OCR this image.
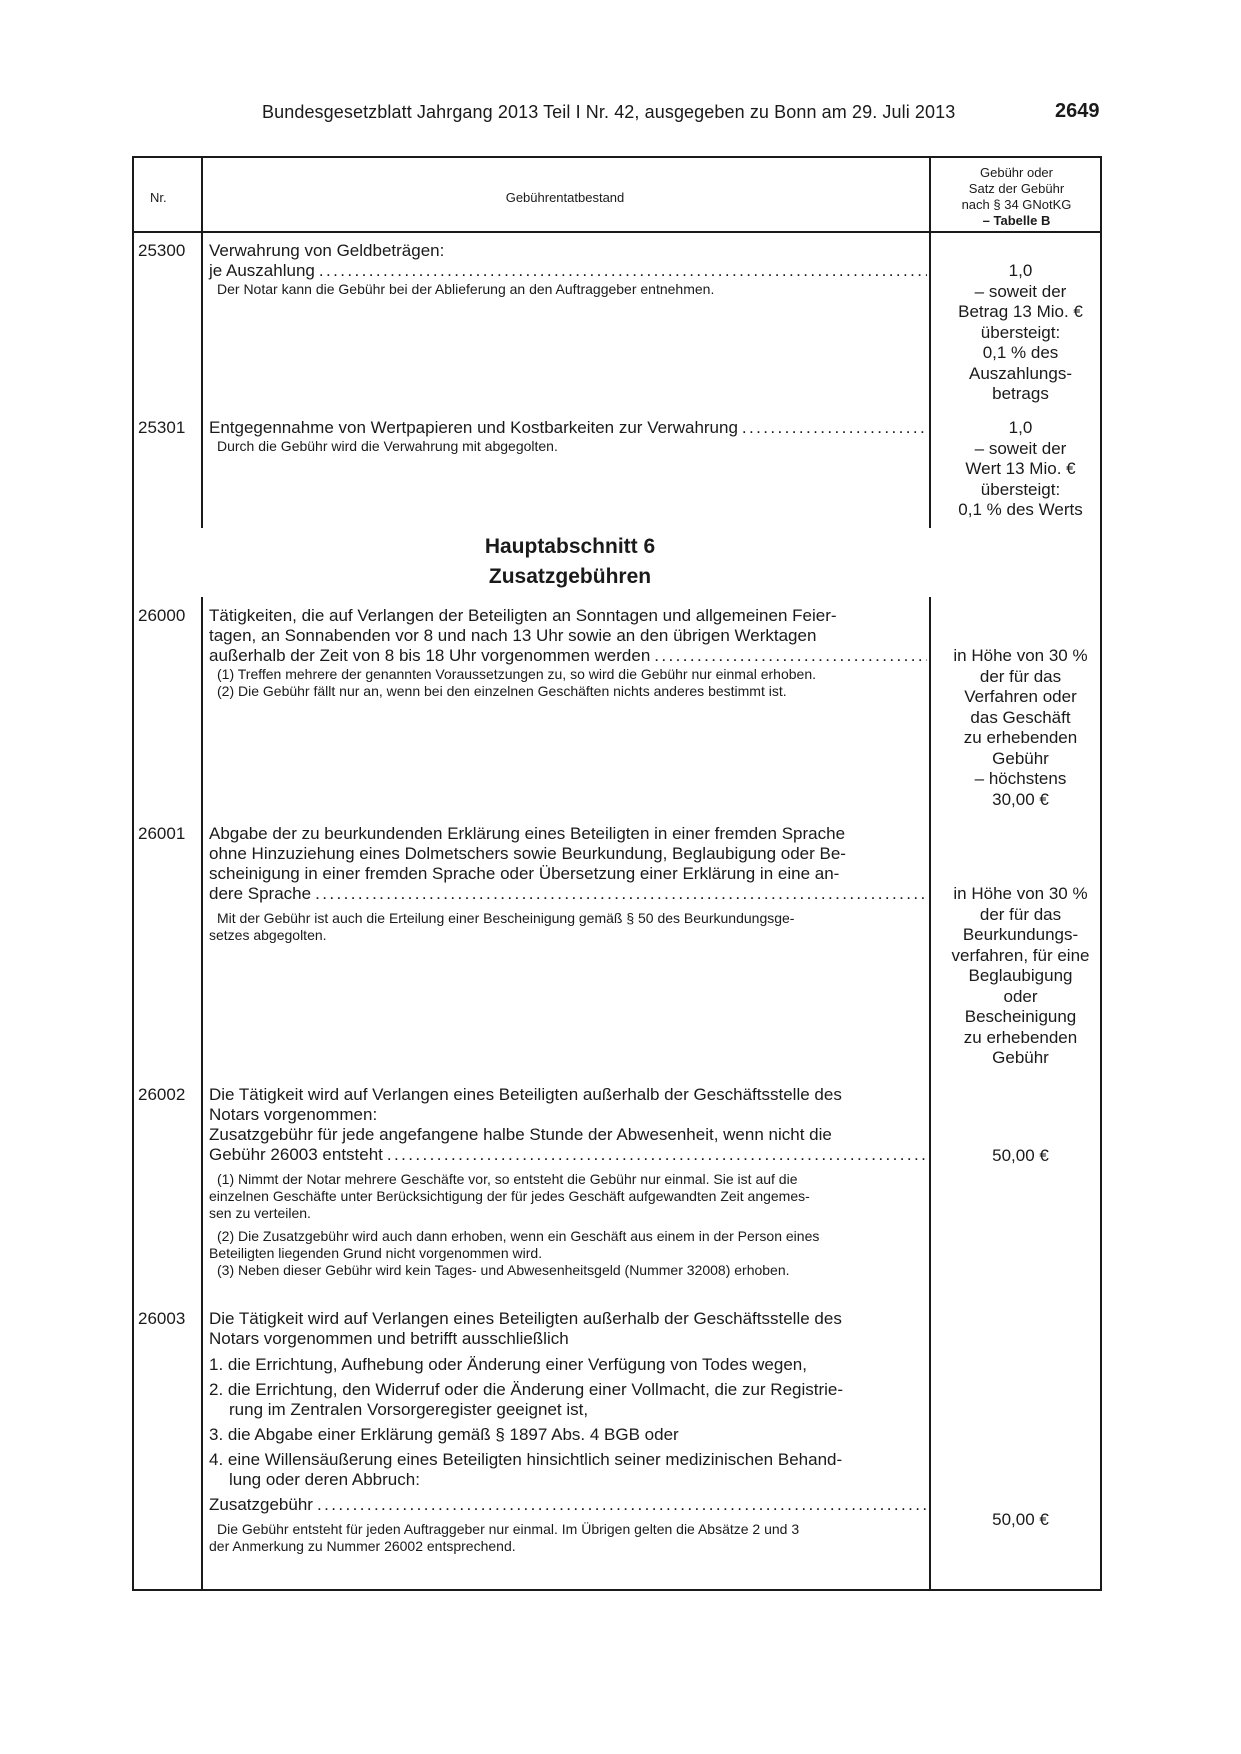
Bundesgesetzblatt Jahrgang 2013 Teil I Nr. 42, ausgegeben zu Bonn am 29. Juli 2013	2649
Nr.	Gebührentatbestand
Gebühr oder
Satz der Gebühr
nach § 34 GNotKG
– Tabelle B
25300 Verwahrung von Geldbeträgen:

je Auszahlung
.....

Der Notar kann die Gebühr bei der Ablieferung an den Auftraggeber entnehmen.

1,0
– soweit der
Betrag 13 Mio. €
übersteigt:
0,1 % des
Auszahlungs-
betrags
25301 Entgegennahme von Wertpapieren und Kostbarkeiten zur Verwahrung
.....

Durch die Gebühr wird die Verwahrung mit abgegolten.

1,0
– soweit der
Wert 13 Mio. €
übersteigt:
0,1 % des Werts
Hauptabschnitt 6
Zusatzgebühren
26000 Tätigkeiten, die auf Verlangen der Beteiligten an Sonntagen und allgemeinen Feier-

tagen, an Sonnabenden vor 8 und nach 13 Uhr sowie an den übrigen Werktagen

außerhalb der Zeit von 8 bis 18 Uhr vorgenommen werden
.....

(1) Treffen mehrere der genannten Voraussetzungen zu, so wird die Gebühr nur einmal erhoben.

(2) Die Gebühr fällt nur an, wenn bei den einzelnen Geschäften nichts anderes bestimmt ist.

in Höhe von 30 %
der für das
Verfahren oder
das Geschäft
zu erhebenden
Gebühr
– höchstens
30,00 €
26001 Abgabe der zu beurkundenden Erklärung eines Beteiligten in einer fremden Sprache

ohne Hinzuziehung eines Dolmetschers sowie Beurkundung, Beglaubigung oder Be-

scheinigung in einer fremden Sprache oder Übersetzung einer Erklärung in eine an-

dere Sprache
.....
Mit der Gebühr ist auch die Erteilung einer Bescheinigung gemäß § 50 des Beurkundungsge-
setzes abgegolten.
in Höhe von 30 %
der für das
Beurkundungs-
verfahren, für eine
Beglaubigung
oder
Bescheinigung
zu erhebenden
Gebühr
26002 Die Tätigkeit wird auf Verlangen eines Beteiligten außerhalb der Geschäftsstelle des

Notars vorgenommen:

Zusatzgebühr für jede angefangene halbe Stunde der Abwesenheit, wenn nicht die

Gebühr 26003 entsteht
.....
(1) Nimmt der Notar mehrere Geschäfte vor, so entsteht die Gebühr nur einmal. Sie ist auf die
einzelnen Geschäfte unter Berücksichtigung der für jedes Geschäft aufgewandten Zeit angemes-
sen zu verteilen.
(2) Die Zusatzgebühr wird auch dann erhoben, wenn ein Geschäft aus einem in der Person eines
Beteiligten liegenden Grund nicht vorgenommen wird.

(3) Neben dieser Gebühr wird kein Tages- und Abwesenheitsgeld (Nummer 32008) erhoben.

50,00 €
26003 Die Tätigkeit wird auf Verlangen eines Beteiligten außerhalb der Geschäftsstelle des

Notars vorgenommen und betrifft ausschließlich

1. die Errichtung, Aufhebung oder Änderung einer Verfügung von Todes wegen,

2. die Errichtung, den Widerruf oder die Änderung einer Vollmacht, die zur Registrie-
rung im Zentralen Vorsorgeregister geeignet ist,

3. die Abgabe einer Erklärung gemäß § 1897 Abs. 4 BGB oder

4. eine Willensäußerung eines Beteiligten hinsichtlich seiner medizinischen Behand-
lung oder deren Abbruch:
Zusatzgebühr
.....
Die Gebühr entsteht für jeden Auftraggeber nur einmal. Im Übrigen gelten die Absätze 2 und 3
der Anmerkung zu Nummer 26002 entsprechend.
50,00 €
